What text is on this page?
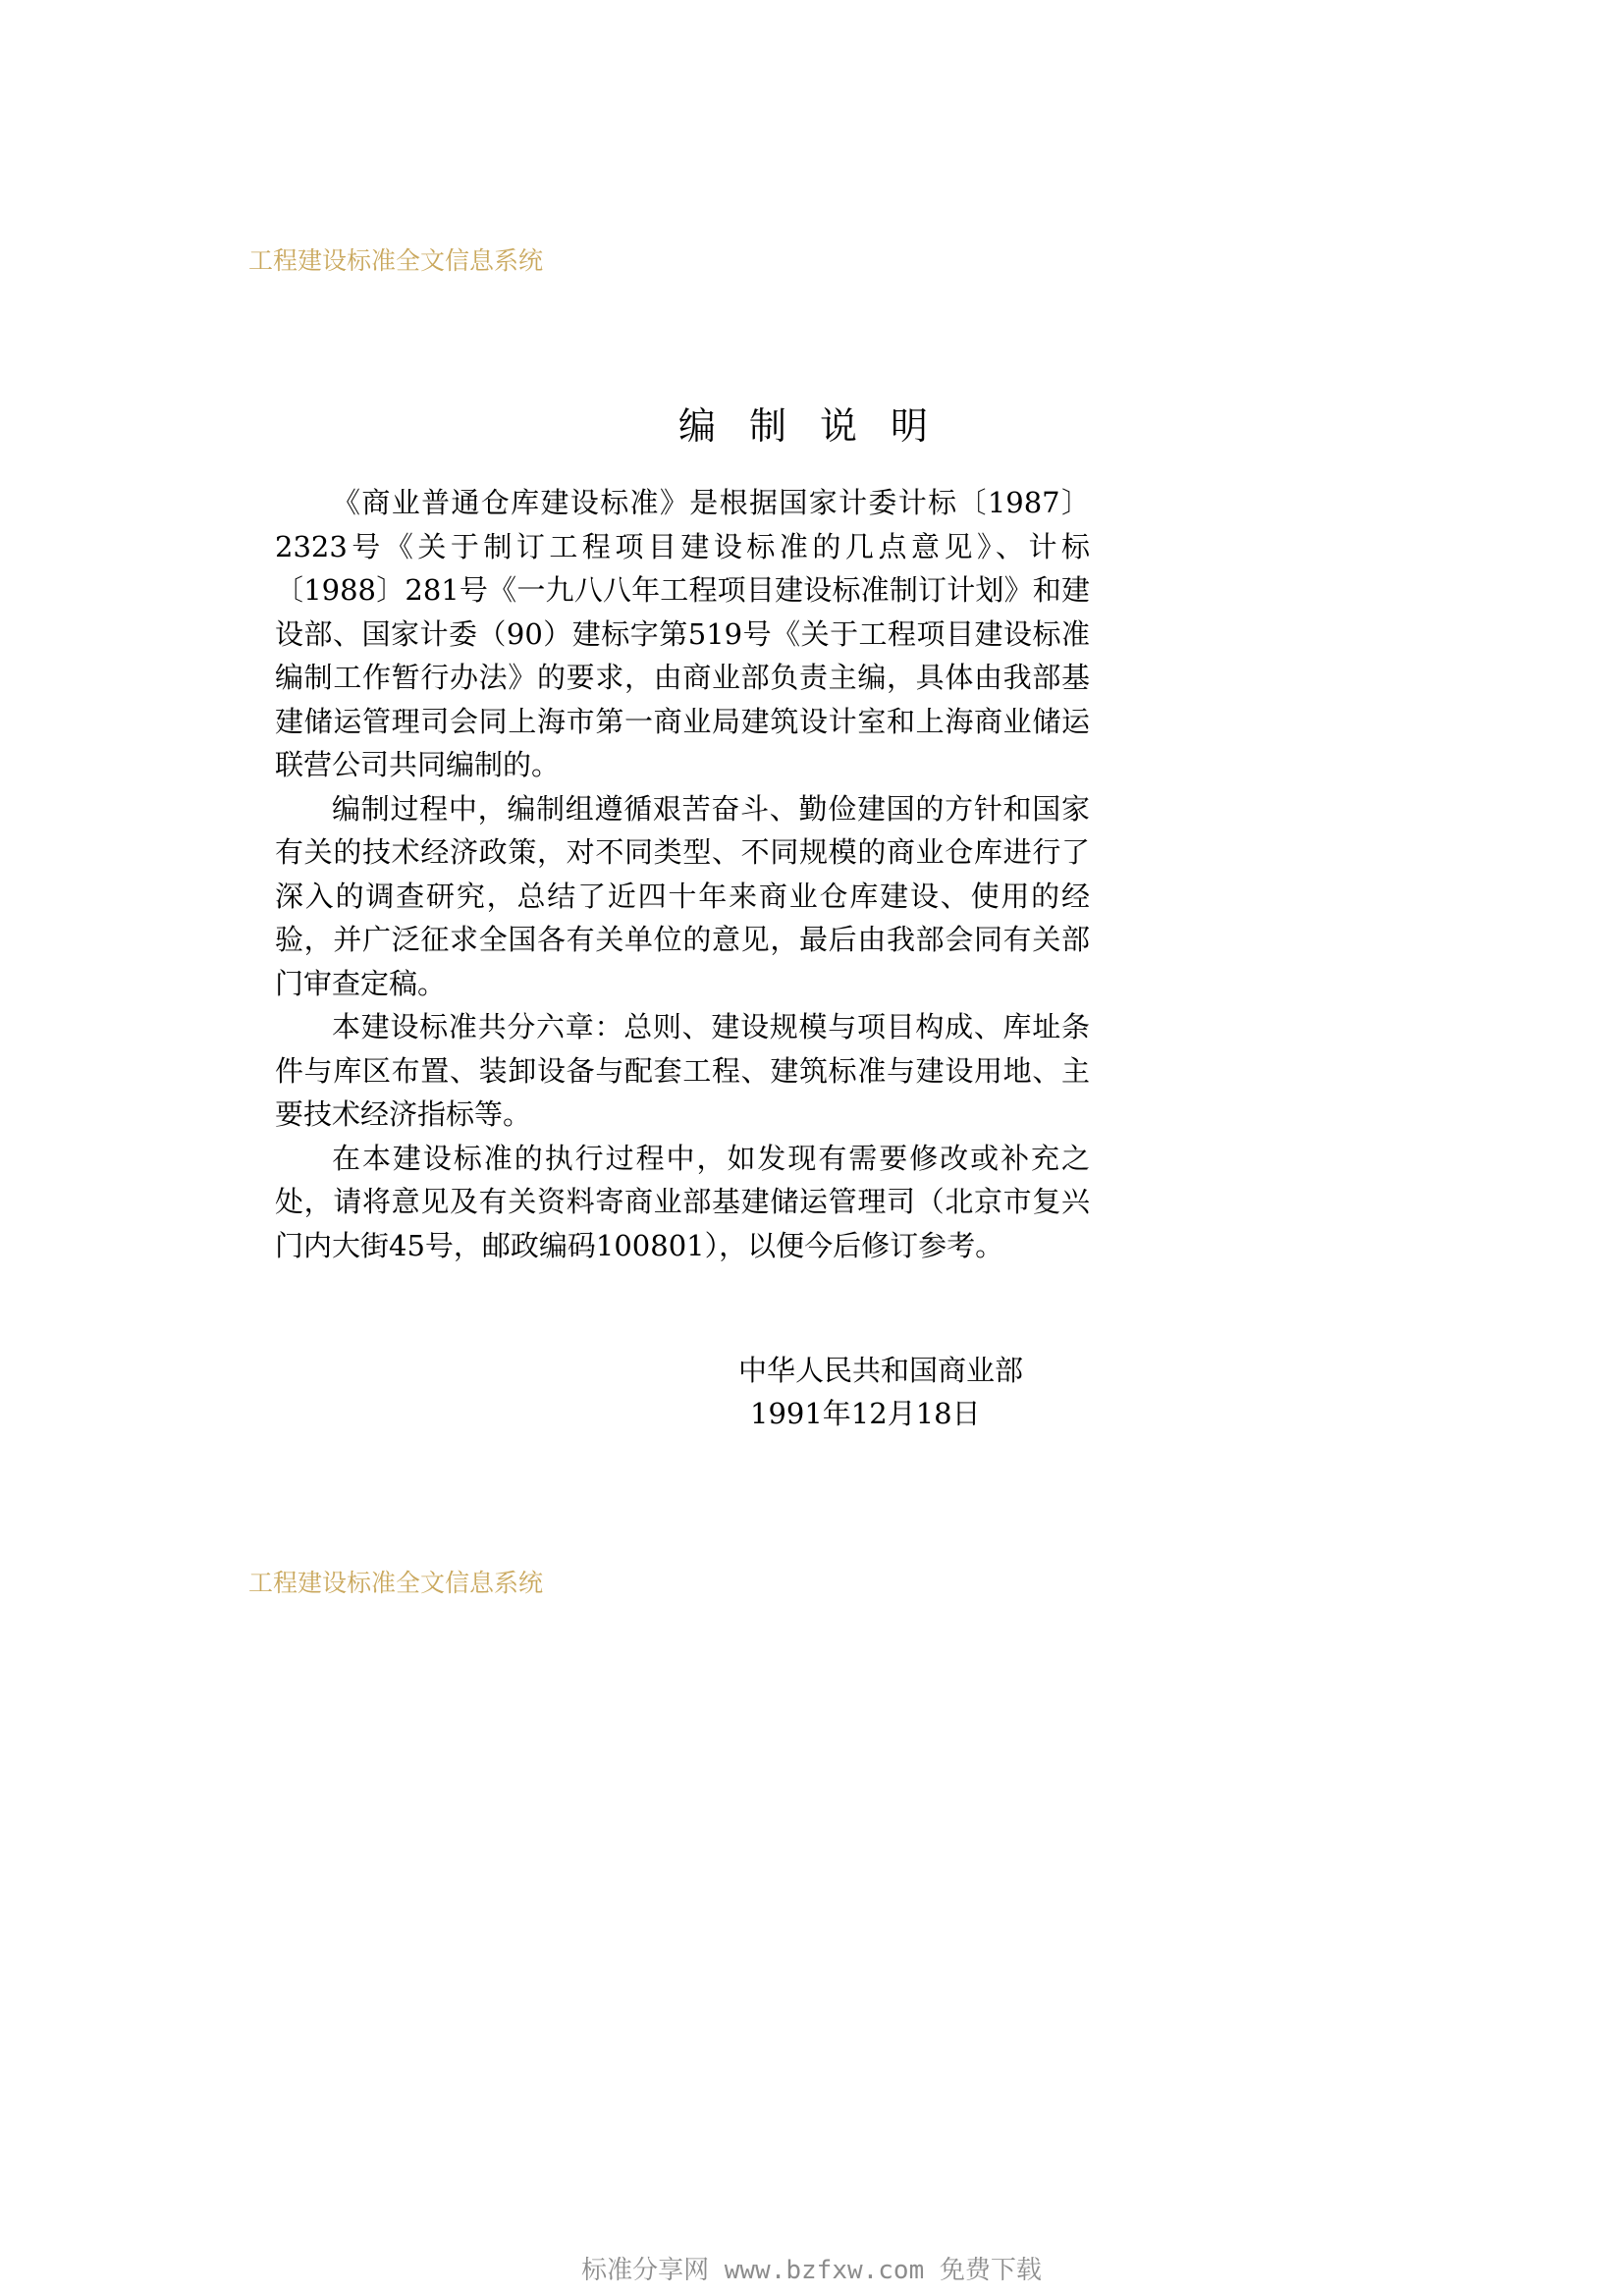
工程建设标准全文信息系统
编制说明

《商业普通仓库建设标准》是根据国家计委计标〔1987〕2323号《关于制订工程项目建设标准的几点意见》、计标〔1988〕281号《一九八八年工程项目建设标准制订计划》和建设部、国家计委（90）建标字第519号《关于工程项目建设标准编制工作暂行办法》的要求，由商业部负责主编，具体由我部基建储运管理司会同上海市第一商业局建筑设计室和上海商业储运联营公司共同编制的。

编制过程中，编制组遵循艰苦奋斗、勤俭建国的方针和国家有关的技术经济政策，对不同类型、不同规模的商业仓库进行了深入的调查研究，总结了近四十年来商业仓库建设、使用的经验，并广泛征求全国各有关单位的意见，最后由我部会同有关部门审查定稿。

本建设标准共分六章：总则、建设规模与项目构成、库址条件与库区布置、装卸设备与配套工程、建筑标准与建设用地、主要技术经济指标等。

在本建设标准的执行过程中，如发现有需要修改或补充之处，请将意见及有关资料寄商业部基建储运管理司（北京市复兴门内大街45号，邮政编码100801），以便今后修订参考。

中华人民共和国商业部
1991年12月18日
工程建设标准全文信息系统
标准分享网 www.bzfxw.com 免费下载
